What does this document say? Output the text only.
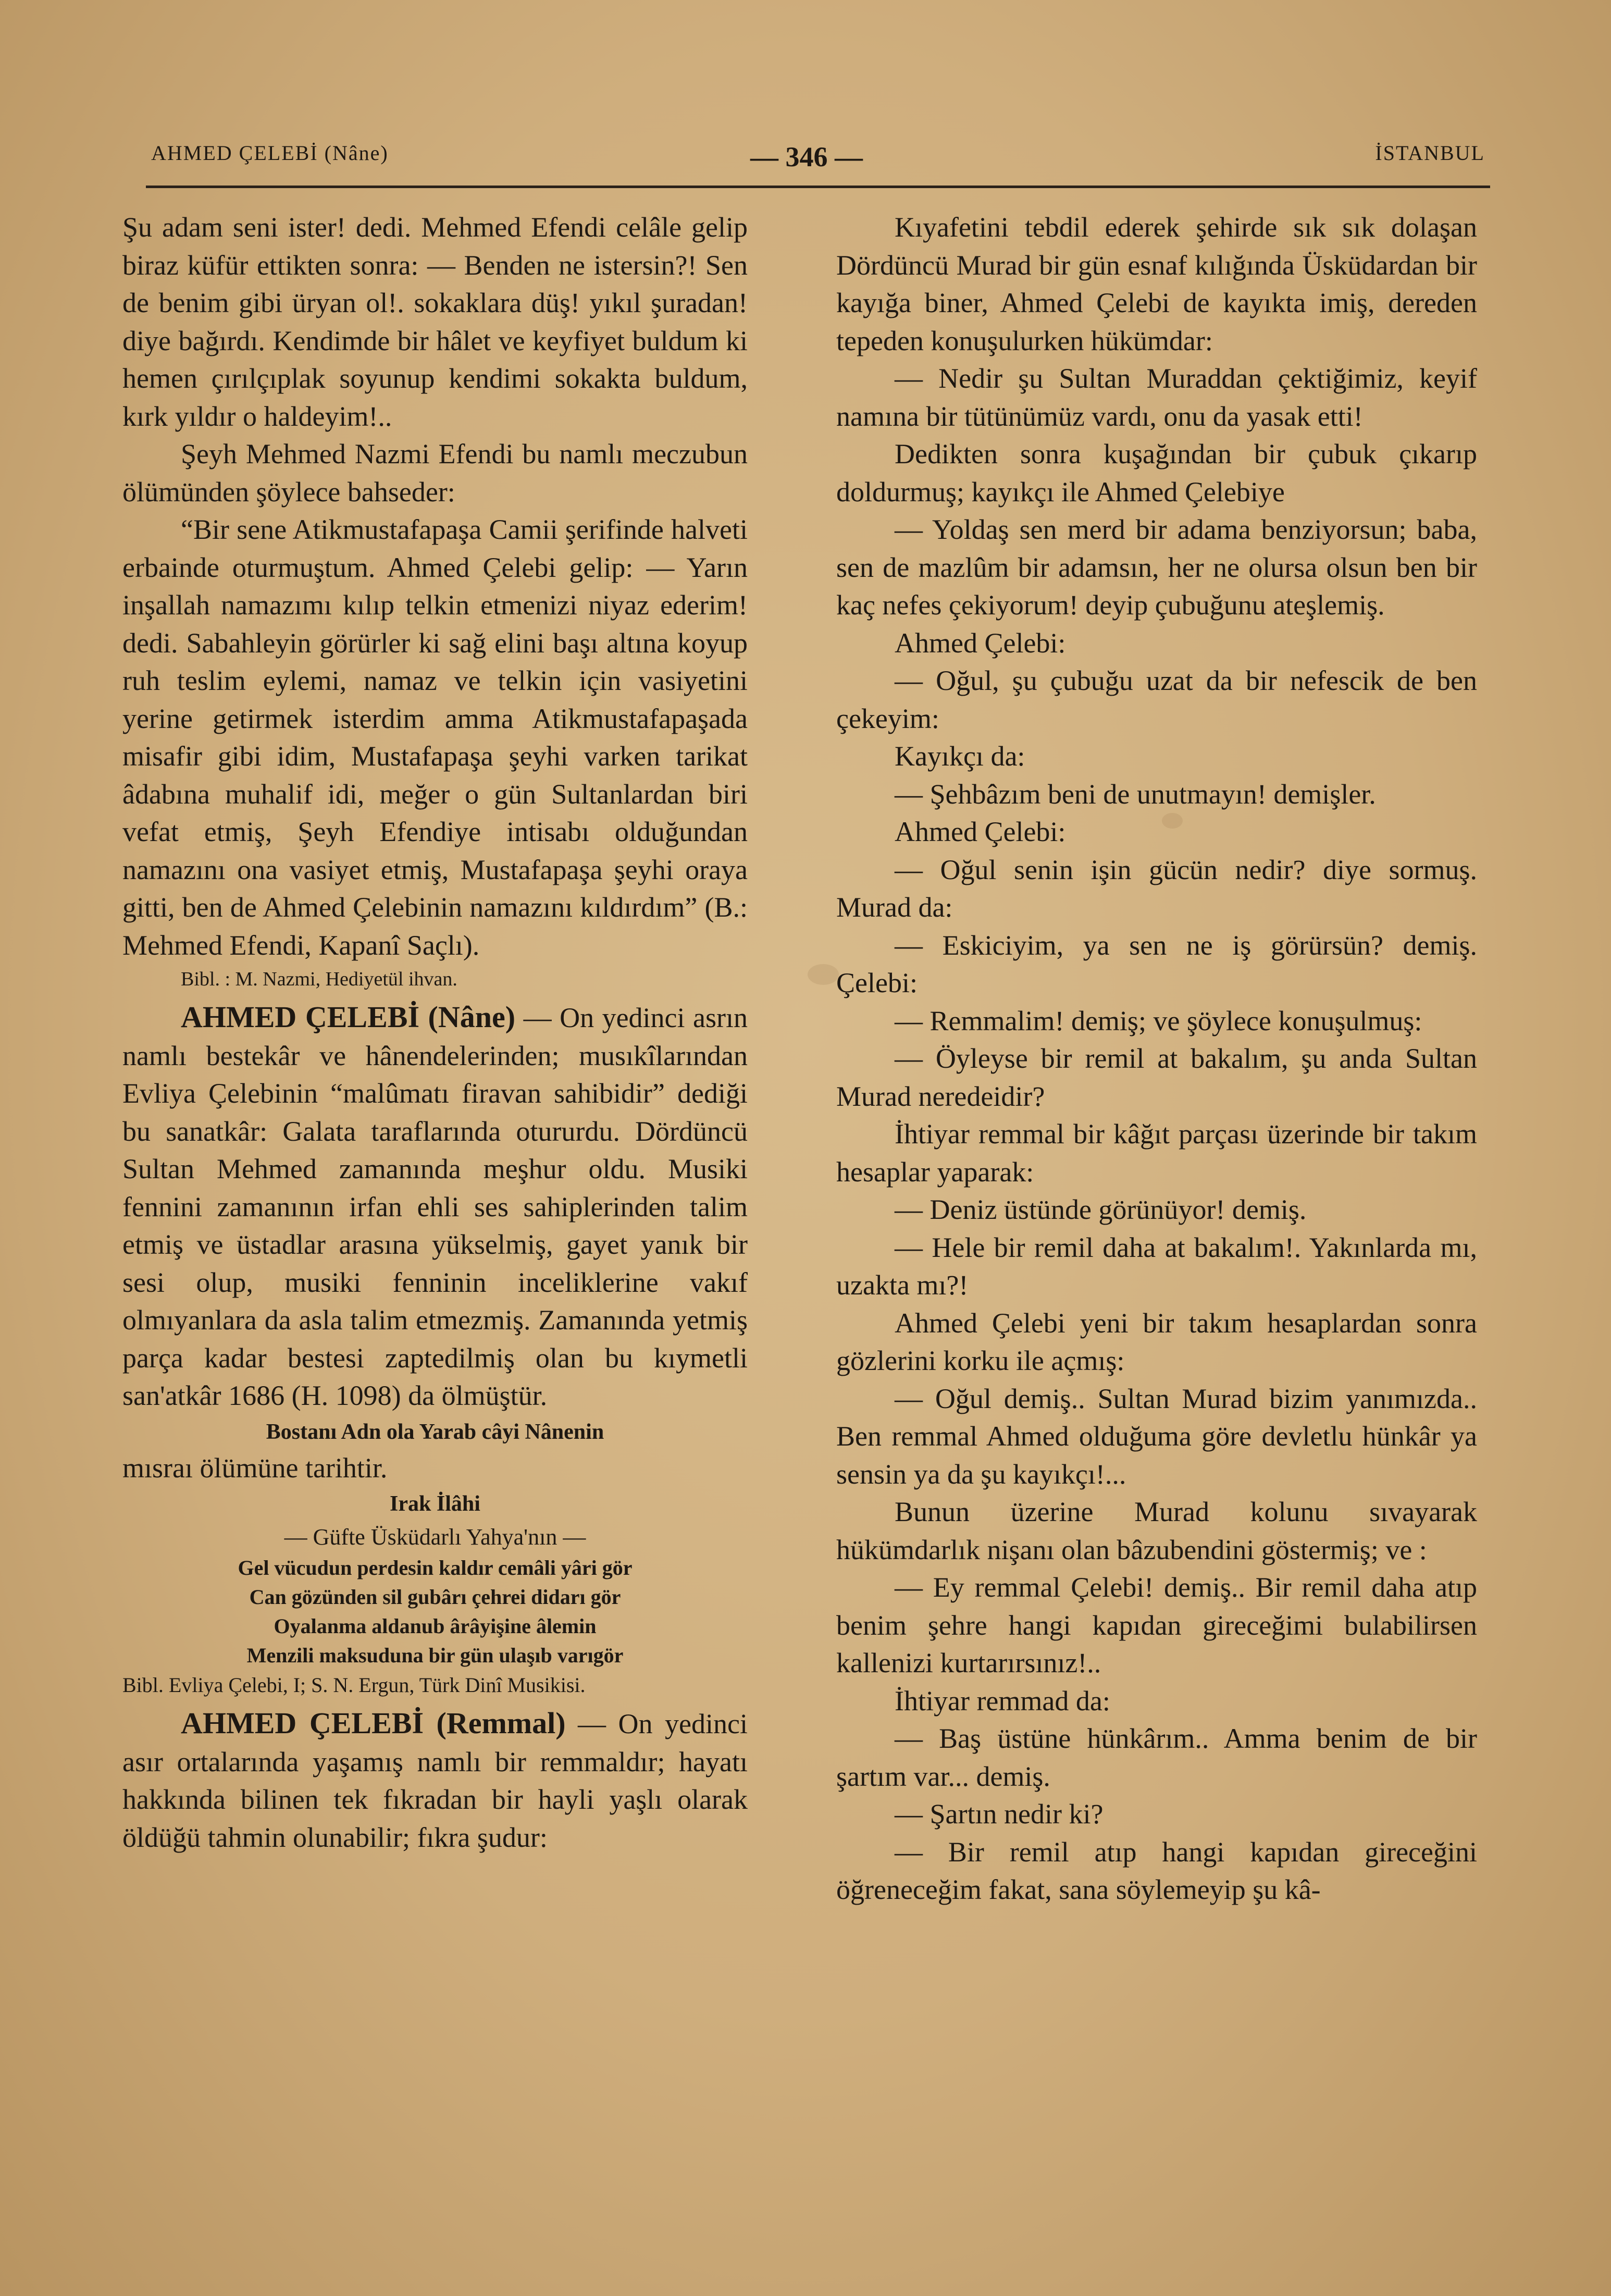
AHMED ÇELEBİ (Nâne)	— 346 —	İSTANBUL

Şu adam seni ister! dedi. Mehmed Efendi celâle gelip biraz küfür ettikten sonra: — Benden ne istersin?! Sen de benim gibi üryan ol!. sokaklara düş! yıkıl şuradan! diye bağırdı. Kendimde bir hâlet ve keyfiyet buldum ki hemen çırılçıplak soyunup kendimi sokakta buldum, kırk yıldır o haldeyim!..

Şeyh Mehmed Nazmi Efendi bu namlı meczubun ölümünden şöylece bahseder:

“Bir sene Atikmustafapaşa Camii şerifinde halveti erbainde oturmuştum. Ahmed Çelebi gelip: — Yarın inşallah namazımı kılıp telkin etmenizi niyaz ederim! dedi. Sabahleyin görürler ki sağ elini başı altına koyup ruh teslim eylemi, namaz ve telkin için vasiyetini yerine getirmek isterdim amma Atikmustafapaşada misafir gibi idim, Mustafapaşa şeyhi varken tarikat âdabına muhalif idi, meğer o gün Sultanlardan biri vefat etmiş, Şeyh Efendiye intisabı olduğundan namazını ona vasiyet etmiş, Mustafapaşa şeyhi oraya gitti, ben de Ahmed Çelebinin namazını kıldırdım” (B.: Mehmed Efendi, Kapanî Saçlı).

Bibl. : M. Nazmi, Hediyetül ihvan.

AHMED ÇELEBİ (Nâne) — On yedinci asrın namlı bestekâr ve hânendelerinden; musıkîlarından Evliya Çelebinin “malûmatı firavan sahibidir” dediği bu sanatkâr: Galata taraflarında otururdu. Dördüncü Sultan Mehmed zamanında meşhur oldu. Musiki fennini zamanının irfan ehli ses sahiplerinden talim etmiş ve üstadlar arasına yükselmiş, gayet yanık bir sesi olup, musiki fenninin inceliklerine vakıf olmıyanlara da asla talim etmezmiş. Zamanında yetmiş parça kadar bestesi zaptedilmiş olan bu kıymetli san'atkâr 1686 (H. 1098) da ölmüştür.

Bostanı Adn ola Yarab câyi Nânenin

mısraı ölümüne tarihtir.

Irak İlâhi

— Güfte Üsküdarlı Yahya'nın —

Gel vücudun perdesin kaldır cemâli yâri gör

Can gözünden sil gubârı çehrei didarı gör

Oyalanma aldanub ârâyişine âlemin

Menzili maksuduna bir gün ulaşıb varıgör

Bibl. Evliya Çelebi, I; S. N. Ergun, Türk Dinî Musikisi.

AHMED ÇELEBİ (Remmal) — On yedinci asır ortalarında yaşamış namlı bir remmaldır; hayatı hakkında bilinen tek fıkradan bir hayli yaşlı olarak öldüğü tahmin olunabilir; fıkra şudur:

Kıyafetini tebdil ederek şehirde sık sık dolaşan Dördüncü Murad bir gün esnaf kılığında Üsküdardan bir kayığa biner, Ahmed Çelebi de kayıkta imiş, dereden tepeden konuşulurken hükümdar:

— Nedir şu Sultan Muraddan çektiğimiz, keyif namına bir tütünümüz vardı, onu da yasak etti!

Dedikten sonra kuşağından bir çubuk çıkarıp doldurmuş; kayıkçı ile Ahmed Çelebiye

— Yoldaş sen merd bir adama benziyorsun; baba, sen de mazlûm bir adamsın, her ne olursa olsun ben bir kaç nefes çekiyorum! deyip çubuğunu ateşlemiş.

Ahmed Çelebi:

— Oğul, şu çubuğu uzat da bir nefescik de ben çekeyim:

Kayıkçı da:

— Şehbâzım beni de unutmayın! demişler.

Ahmed Çelebi:

— Oğul senin işin gücün nedir? diye sormuş. Murad da:

— Eskiciyim, ya sen ne iş görürsün? demiş. Çelebi:

— Remmalim! demiş; ve şöylece konuşulmuş:

— Öyleyse bir remil at bakalım, şu anda Sultan Murad neredeidir?

İhtiyar remmal bir kâğıt parçası üzerinde bir takım hesaplar yaparak:

— Deniz üstünde görünüyor! demiş.

— Hele bir remil daha at bakalım!. Yakınlarda mı, uzakta mı?!

Ahmed Çelebi yeni bir takım hesaplardan sonra gözlerini korku ile açmış:

— Oğul demiş.. Sultan Murad bizim yanımızda.. Ben remmal Ahmed olduğuma göre devletlu hünkâr ya sensin ya da şu kayıkçı!...

Bunun üzerine Murad kolunu sıvayarak hükümdarlık nişanı olan bâzubendini göstermiş; ve :

— Ey remmal Çelebi! demiş.. Bir remil daha atıp benim şehre hangi kapıdan gireceğimi bulabilirsen kallenizi kurtarırsınız!..

İhtiyar remmad da:

— Baş üstüne hünkârım.. Amma benim de bir şartım var... demiş.

— Şartın nedir ki?

— Bir remil atıp hangi kapıdan gireceğini öğreneceğim fakat, sana söylemeyip şu kâ-
